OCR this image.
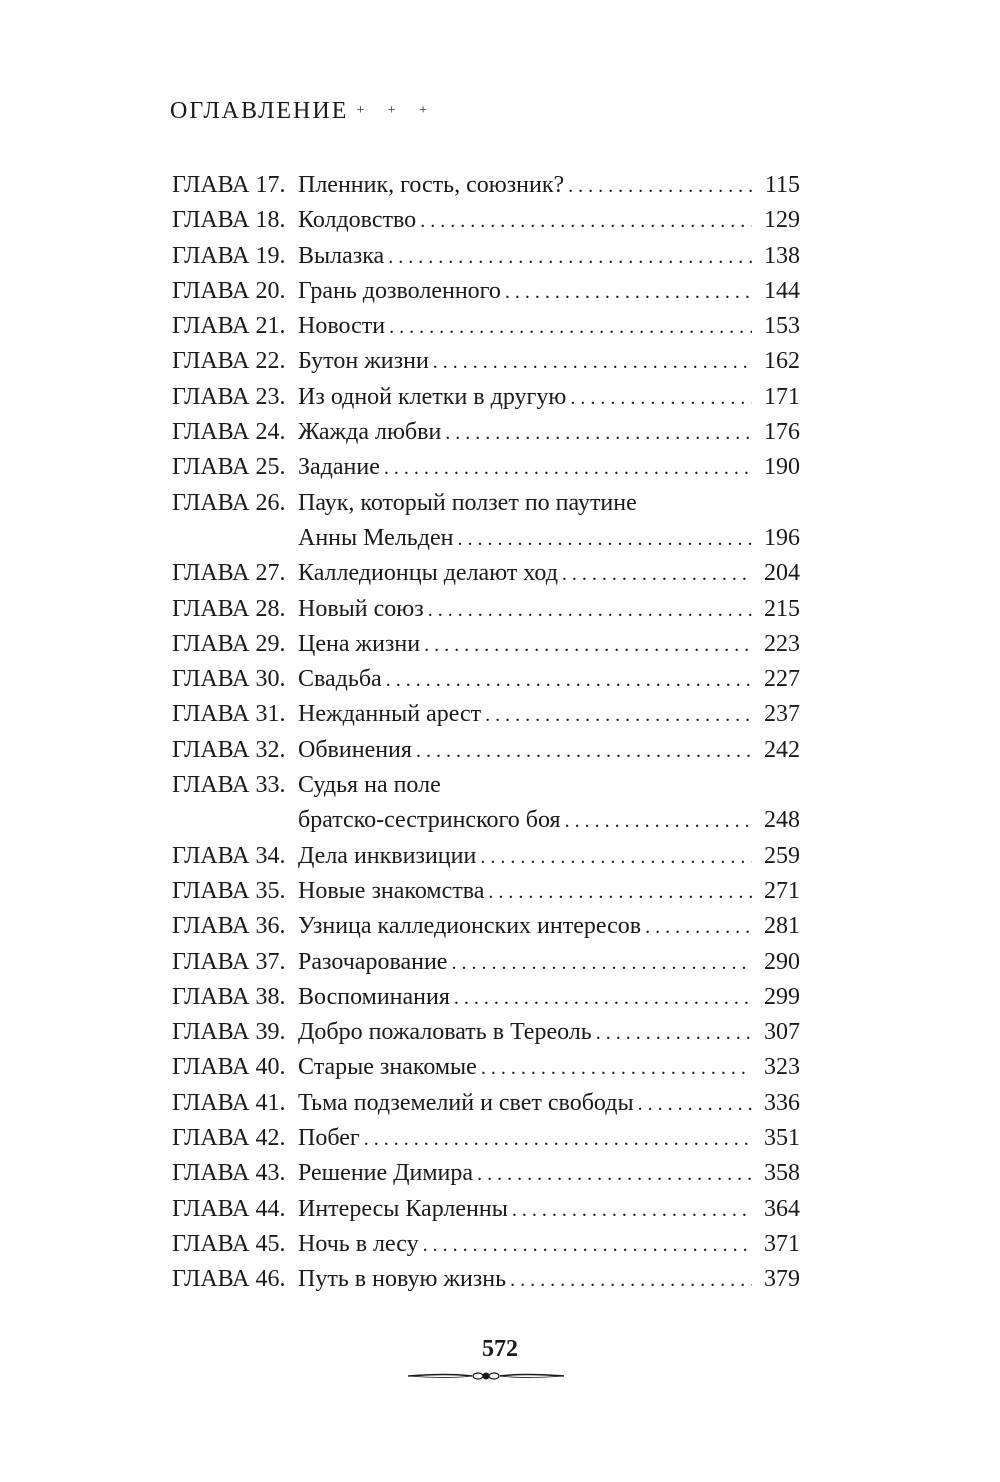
ОГЛАВЛЕНИЕ + + +
ГЛАВА 17. Пленник, гость, союзник? . . .	115
ГЛАВА 18. Колдовство . . .	129
ГЛАВА 19. Вылазка . . .	138
ГЛАВА 20. Грань дозволенного . . .	144
ГЛАВА 21. Новости . . .	153
ГЛАВА 22. Бутон жизни . . .	162
ГЛАВА 23. Из одной клетки в другую . . .	171
ГЛАВА 24. Жажда любви . . .	176
ГЛАВА 25. Задание . . .	190
ГЛАВА 26. Паук, который ползет по паутине
Анны Мельден . . .	196
ГЛАВА 27. Калледионцы делают ход . . .	204
ГЛАВА 28. Новый союз . . .	215
ГЛАВА 29. Цена жизни . . .	223
ГЛАВА 30. Свадьба . . .	227
ГЛАВА 31. Нежданный арест . . .	237
ГЛАВА 32. Обвинения . . .	242
ГЛАВА 33. Судья на поле
братско-сестринского боя . . .	248
ГЛАВА 34. Дела инквизиции . . .	259
ГЛАВА 35. Новые знакомства . . .	271
ГЛАВА 36. Узница калледионских интересов . . .	281
ГЛАВА 37. Разочарование . . .	290
ГЛАВА 38. Воспоминания . . .	299
ГЛАВА 39. Добро пожаловать в Тереоль . . .	307
ГЛАВА 40. Старые знакомые . . .	323
ГЛАВА 41. Тьма подземелий и свет свободы . . .	336
ГЛАВА 42. Побег . . .	351
ГЛАВА 43. Решение Димира . . .	358
ГЛАВА 44. Интересы Карленны . . .	364
ГЛАВА 45. Ночь в лесу . . .	371
ГЛАВА 46. Путь в новую жизнь . . .	379
572
